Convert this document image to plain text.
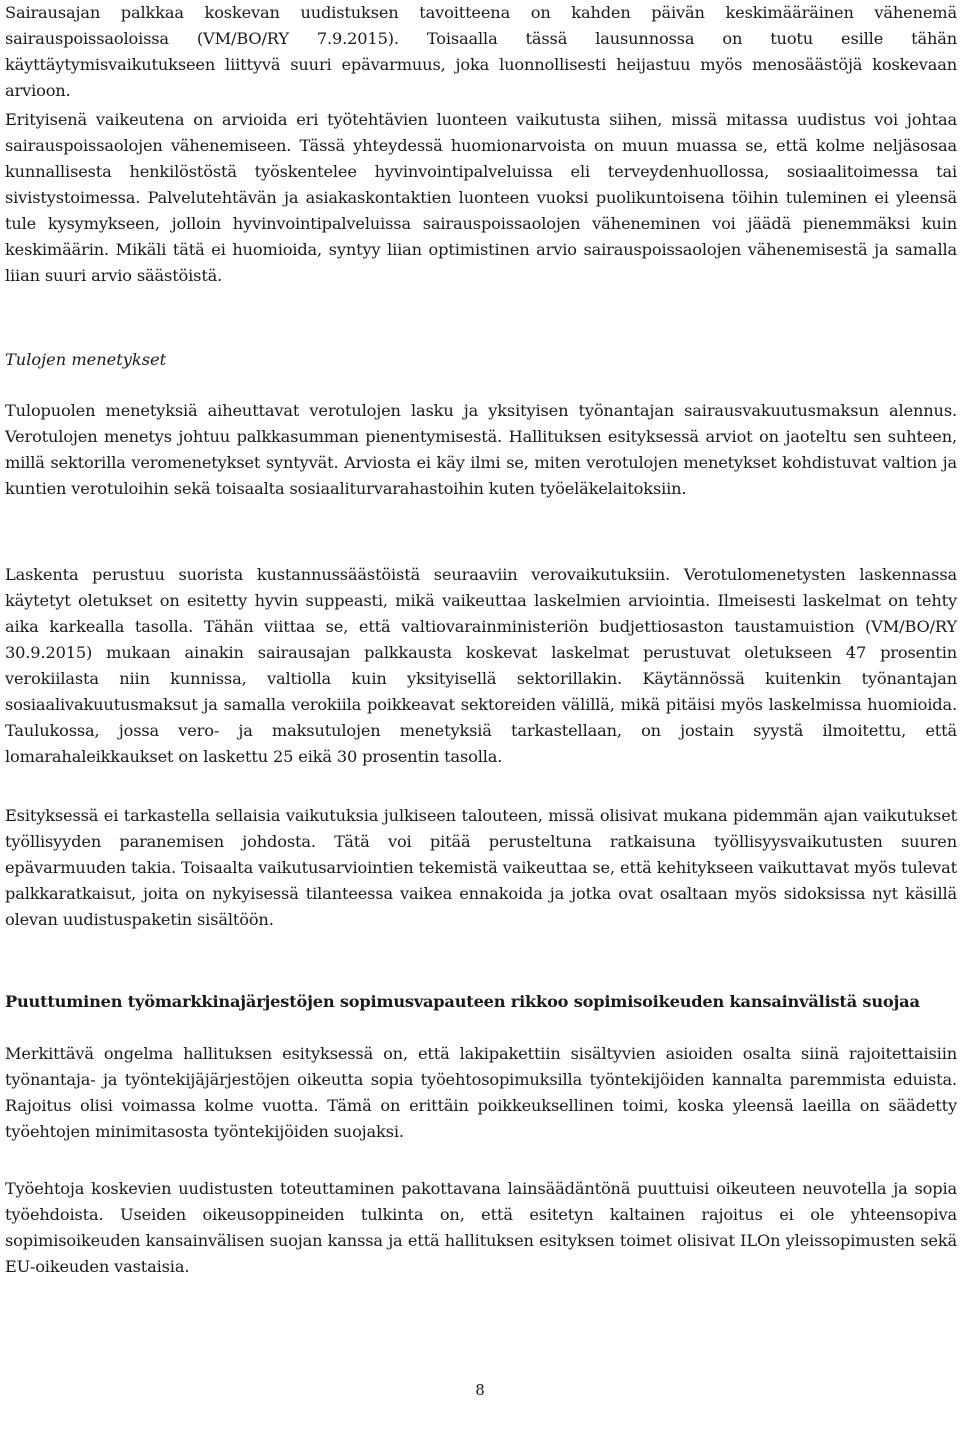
Sairausajan palkkaa koskevan uudistuksen tavoitteena on kahden päivän keskimääräinen vähenemä sairauspoissaoloissa (VM/BO/RY 7.9.2015). Toisaalla tässä lausunnossa on tuotu esille tähän käyttäytymisvaikutukseen liittyvä suuri epävarmuus, joka luonnollisesti heijastuu myös menosäästöjä koskevaan arvioon.

Erityisenä vaikeutena on arvioida eri työtehtävien luonteen vaikutusta siihen, missä mitassa uudistus voi johtaa sairauspoissaolojen vähenemiseen. Tässä yhteydessä huomionarvoista on muun muassa se, että kolme neljäsosaa kunnallisesta henkilöstöstä työskentelee hyvinvointipalveluissa eli terveydenhuollossa, sosiaalitoimessa tai sivistystoimessa. Palvelutehtävän ja asiakaskontaktien luonteen vuoksi puolikuntoisena töihin tuleminen ei yleensä tule kysymykseen, jolloin hyvinvointipalveluissa sairauspoissaolojen väheneminen voi jäädä pienemmäksi kuin keskimäärin. Mikäli tätä ei huomioida, syntyy liian optimistinen arvio sairauspoissaolojen vähenemisestä ja samalla liian suuri arvio säästöistä.

Tulojen menetykset

Tulopuolen menetyksiä aiheuttavat verotulojen lasku ja yksityisen työnantajan sairausvakuutusmaksun alennus. Verotulojen menetys johtuu palkkasumman pienentymisestä. Hallituksen esityksessä arviot on jaoteltu sen suhteen, millä sektorilla veromenetykset syntyvät. Arviosta ei käy ilmi se, miten verotulojen menetykset kohdistuvat valtion ja kuntien verotuloihin sekä toisaalta sosiaaliturvarahastoihin kuten työeläkelaitoksiin.

Laskenta perustuu suorista kustannussäästöistä seuraaviin verovaikutuksiin. Verotulomenetysten laskennassa käytetyt oletukset on esitetty hyvin suppeasti, mikä vaikeuttaa laskelmien arviointia. Ilmeisesti laskelmat on tehty aika karkealla tasolla. Tähän viittaa se, että valtiovarainministeriön budjettiosaston taustamuistion (VM/BO/RY 30.9.2015) mukaan ainakin sairausajan palkkausta koskevat laskelmat perustuvat oletukseen 47 prosentin verokiilasta niin kunnissa, valtiolla kuin yksityisellä sektorillakin. Käytännössä kuitenkin työnantajan sosiaalivakuutusmaksut ja samalla verokiila poikkeavat sektoreiden välillä, mikä pitäisi myös laskelmissa huomioida. Taulukossa, jossa vero- ja maksutulojen menetyksiä tarkastellaan, on jostain syystä ilmoitettu, että lomarahaleikkaukset on laskettu 25 eikä 30 prosentin tasolla.

Esityksessä ei tarkastella sellaisia vaikutuksia julkiseen talouteen, missä olisivat mukana pidemmän ajan vaikutukset työllisyyden paranemisen johdosta. Tätä voi pitää perusteltuna ratkaisuna työllisyysvaikutusten suuren epävarmuuden takia. Toisaalta vaikutusarviointien tekemistä vaikeuttaa se, että kehitykseen vaikuttavat myös tulevat palkkaratkaisut, joita on nykyisessä tilanteessa vaikea ennakoida ja jotka ovat osaltaan myös sidoksissa nyt käsillä olevan uudistuspaketin sisältöön.

Puuttuminen työmarkkinajärjestöjen sopimusvapauteen rikkoo sopimisoikeuden kansainvälistä suojaa

Merkittävä ongelma hallituksen esityksessä on, että lakipakettiin sisältyvien asioiden osalta siinä rajoitettaisiin työnantaja- ja työntekijäjärjestöjen oikeutta sopia työehtosopimuksilla työntekijöiden kannalta paremmista eduista. Rajoitus olisi voimassa kolme vuotta. Tämä on erittäin poikkeuksellinen toimi, koska yleensä laeilla on säädetty työehtojen minimitasosta työntekijöiden suojaksi.

Työehtoja koskevien uudistusten toteuttaminen pakottavana lainsäädäntönä puuttuisi oikeuteen neuvotella ja sopia työehdoista. Useiden oikeusoppineiden tulkinta on, että esitetyn kaltainen rajoitus ei ole yhteensopiva sopimisoikeuden kansainvälisen suojan kanssa ja että hallituksen esityksen toimet olisivat ILOn yleissopimusten sekä EU-oikeuden vastaisia.

8
